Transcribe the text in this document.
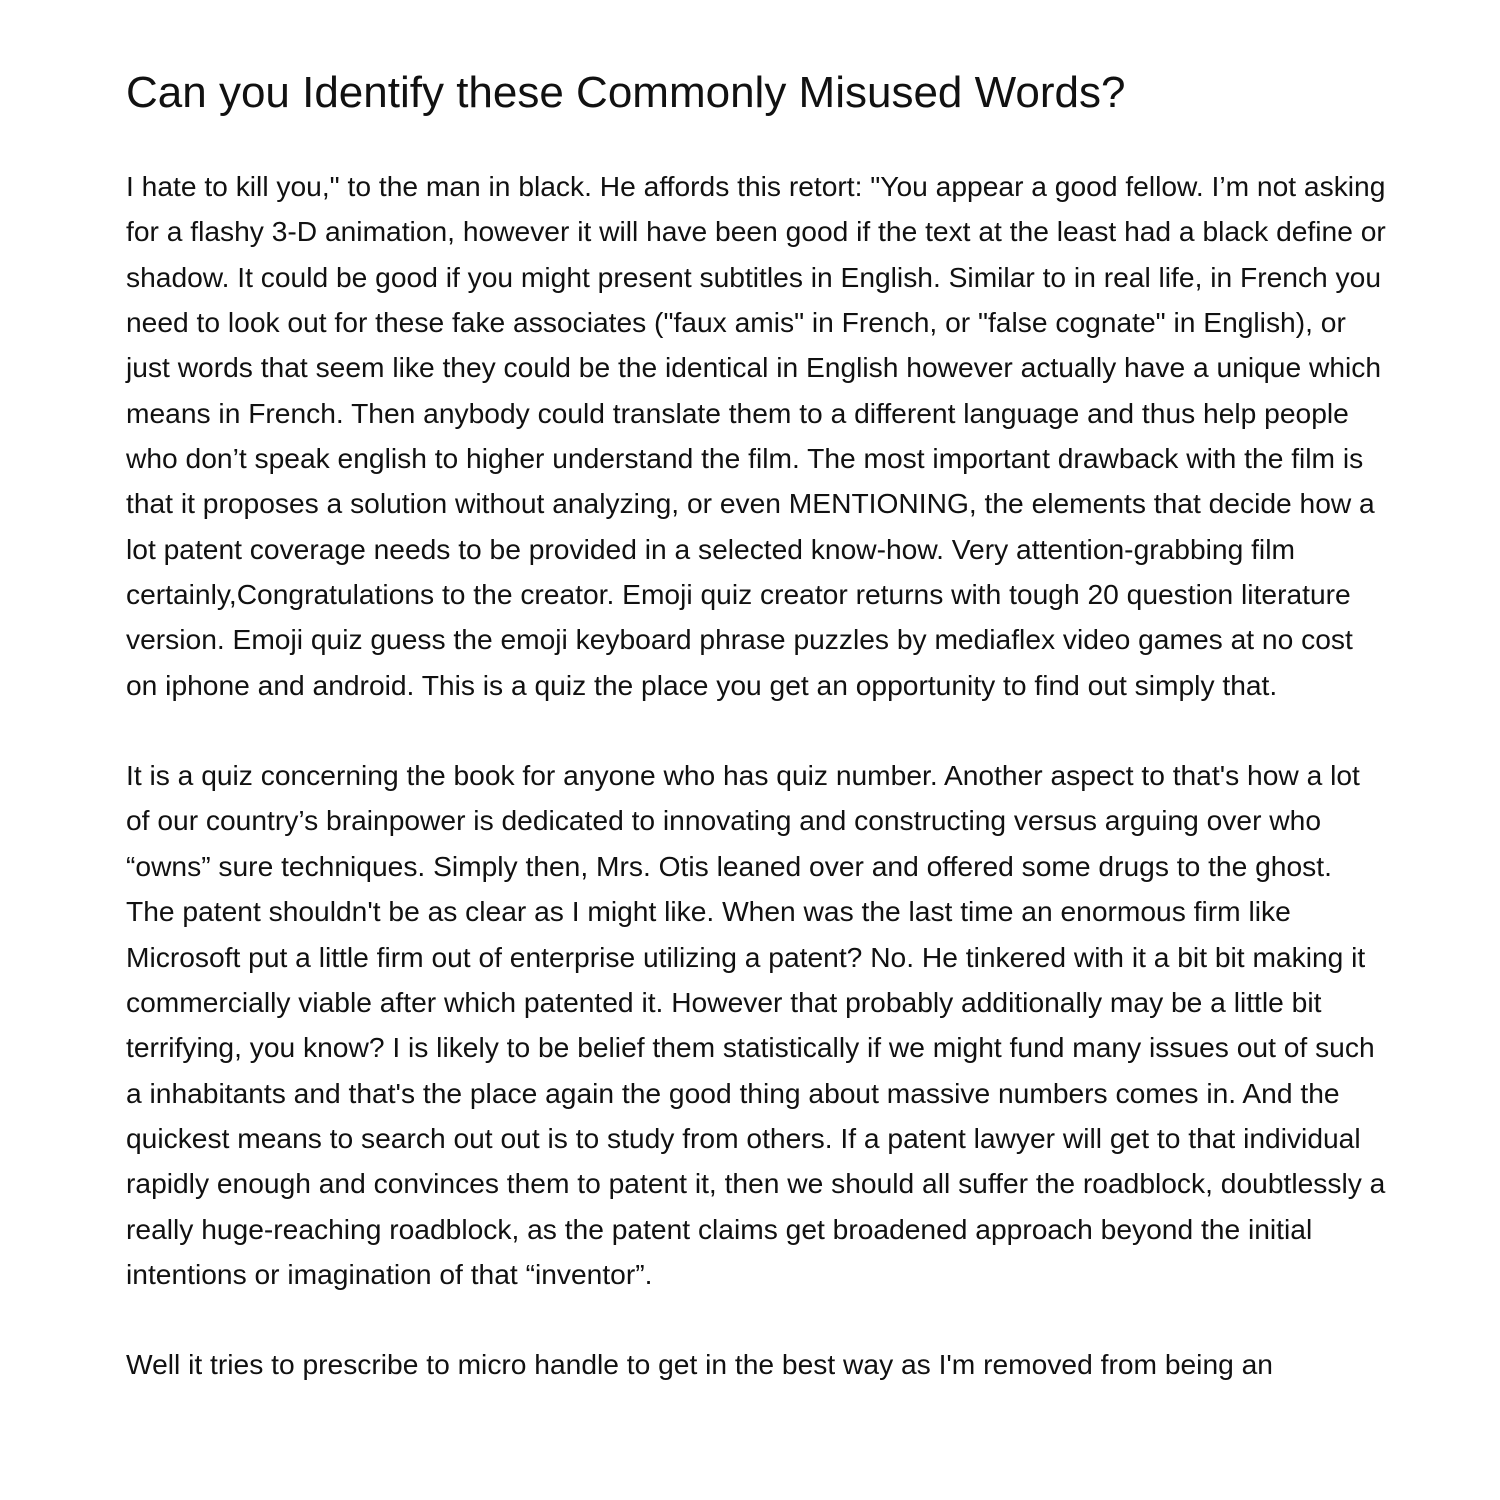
Can you Identify these Commonly Misused Words?

I hate to kill you," to the man in black. He affords this retort: "You appear a good fellow. I’m not asking for a flashy 3-D animation, however it will have been good if the text at the least had a black define or shadow. It could be good if you might present subtitles in English. Similar to in real life, in French you need to look out for these fake associates ("faux amis" in French, or "false cognate" in English), or just words that seem like they could be the identical in English however actually have a unique which means in French. Then anybody could translate them to a different language and thus help people who don’t speak english to higher understand the film. The most important drawback with the film is that it proposes a solution without analyzing, or even MENTIONING, the elements that decide how a lot patent coverage needs to be provided in a selected know-how. Very attention-grabbing film certainly,Congratulations to the creator. Emoji quiz creator returns with tough 20 question literature version. Emoji quiz guess the emoji keyboard phrase puzzles by mediaflex video games at no cost on iphone and android. This is a quiz the place you get an opportunity to find out simply that.

It is a quiz concerning the book for anyone who has quiz number. Another aspect to that's how a lot of our country’s brainpower is dedicated to innovating and constructing versus arguing over who “owns” sure techniques. Simply then, Mrs. Otis leaned over and offered some drugs to the ghost. The patent shouldn't be as clear as I might like. When was the last time an enormous firm like Microsoft put a little firm out of enterprise utilizing a patent? No. He tinkered with it a bit bit making it commercially viable after which patented it. However that probably additionally may be a little bit terrifying, you know? I is likely to be belief them statistically if we might fund many issues out of such a inhabitants and that's the place again the good thing about massive numbers comes in. And the quickest means to search out out is to study from others. If a patent lawyer will get to that individual rapidly enough and convinces them to patent it, then we should all suffer the roadblock, doubtlessly a really huge-reaching roadblock, as the patent claims get broadened approach beyond the initial intentions or imagination of that “inventor”.

Well it tries to prescribe to micro handle to get in the best way as I'm removed from being an
